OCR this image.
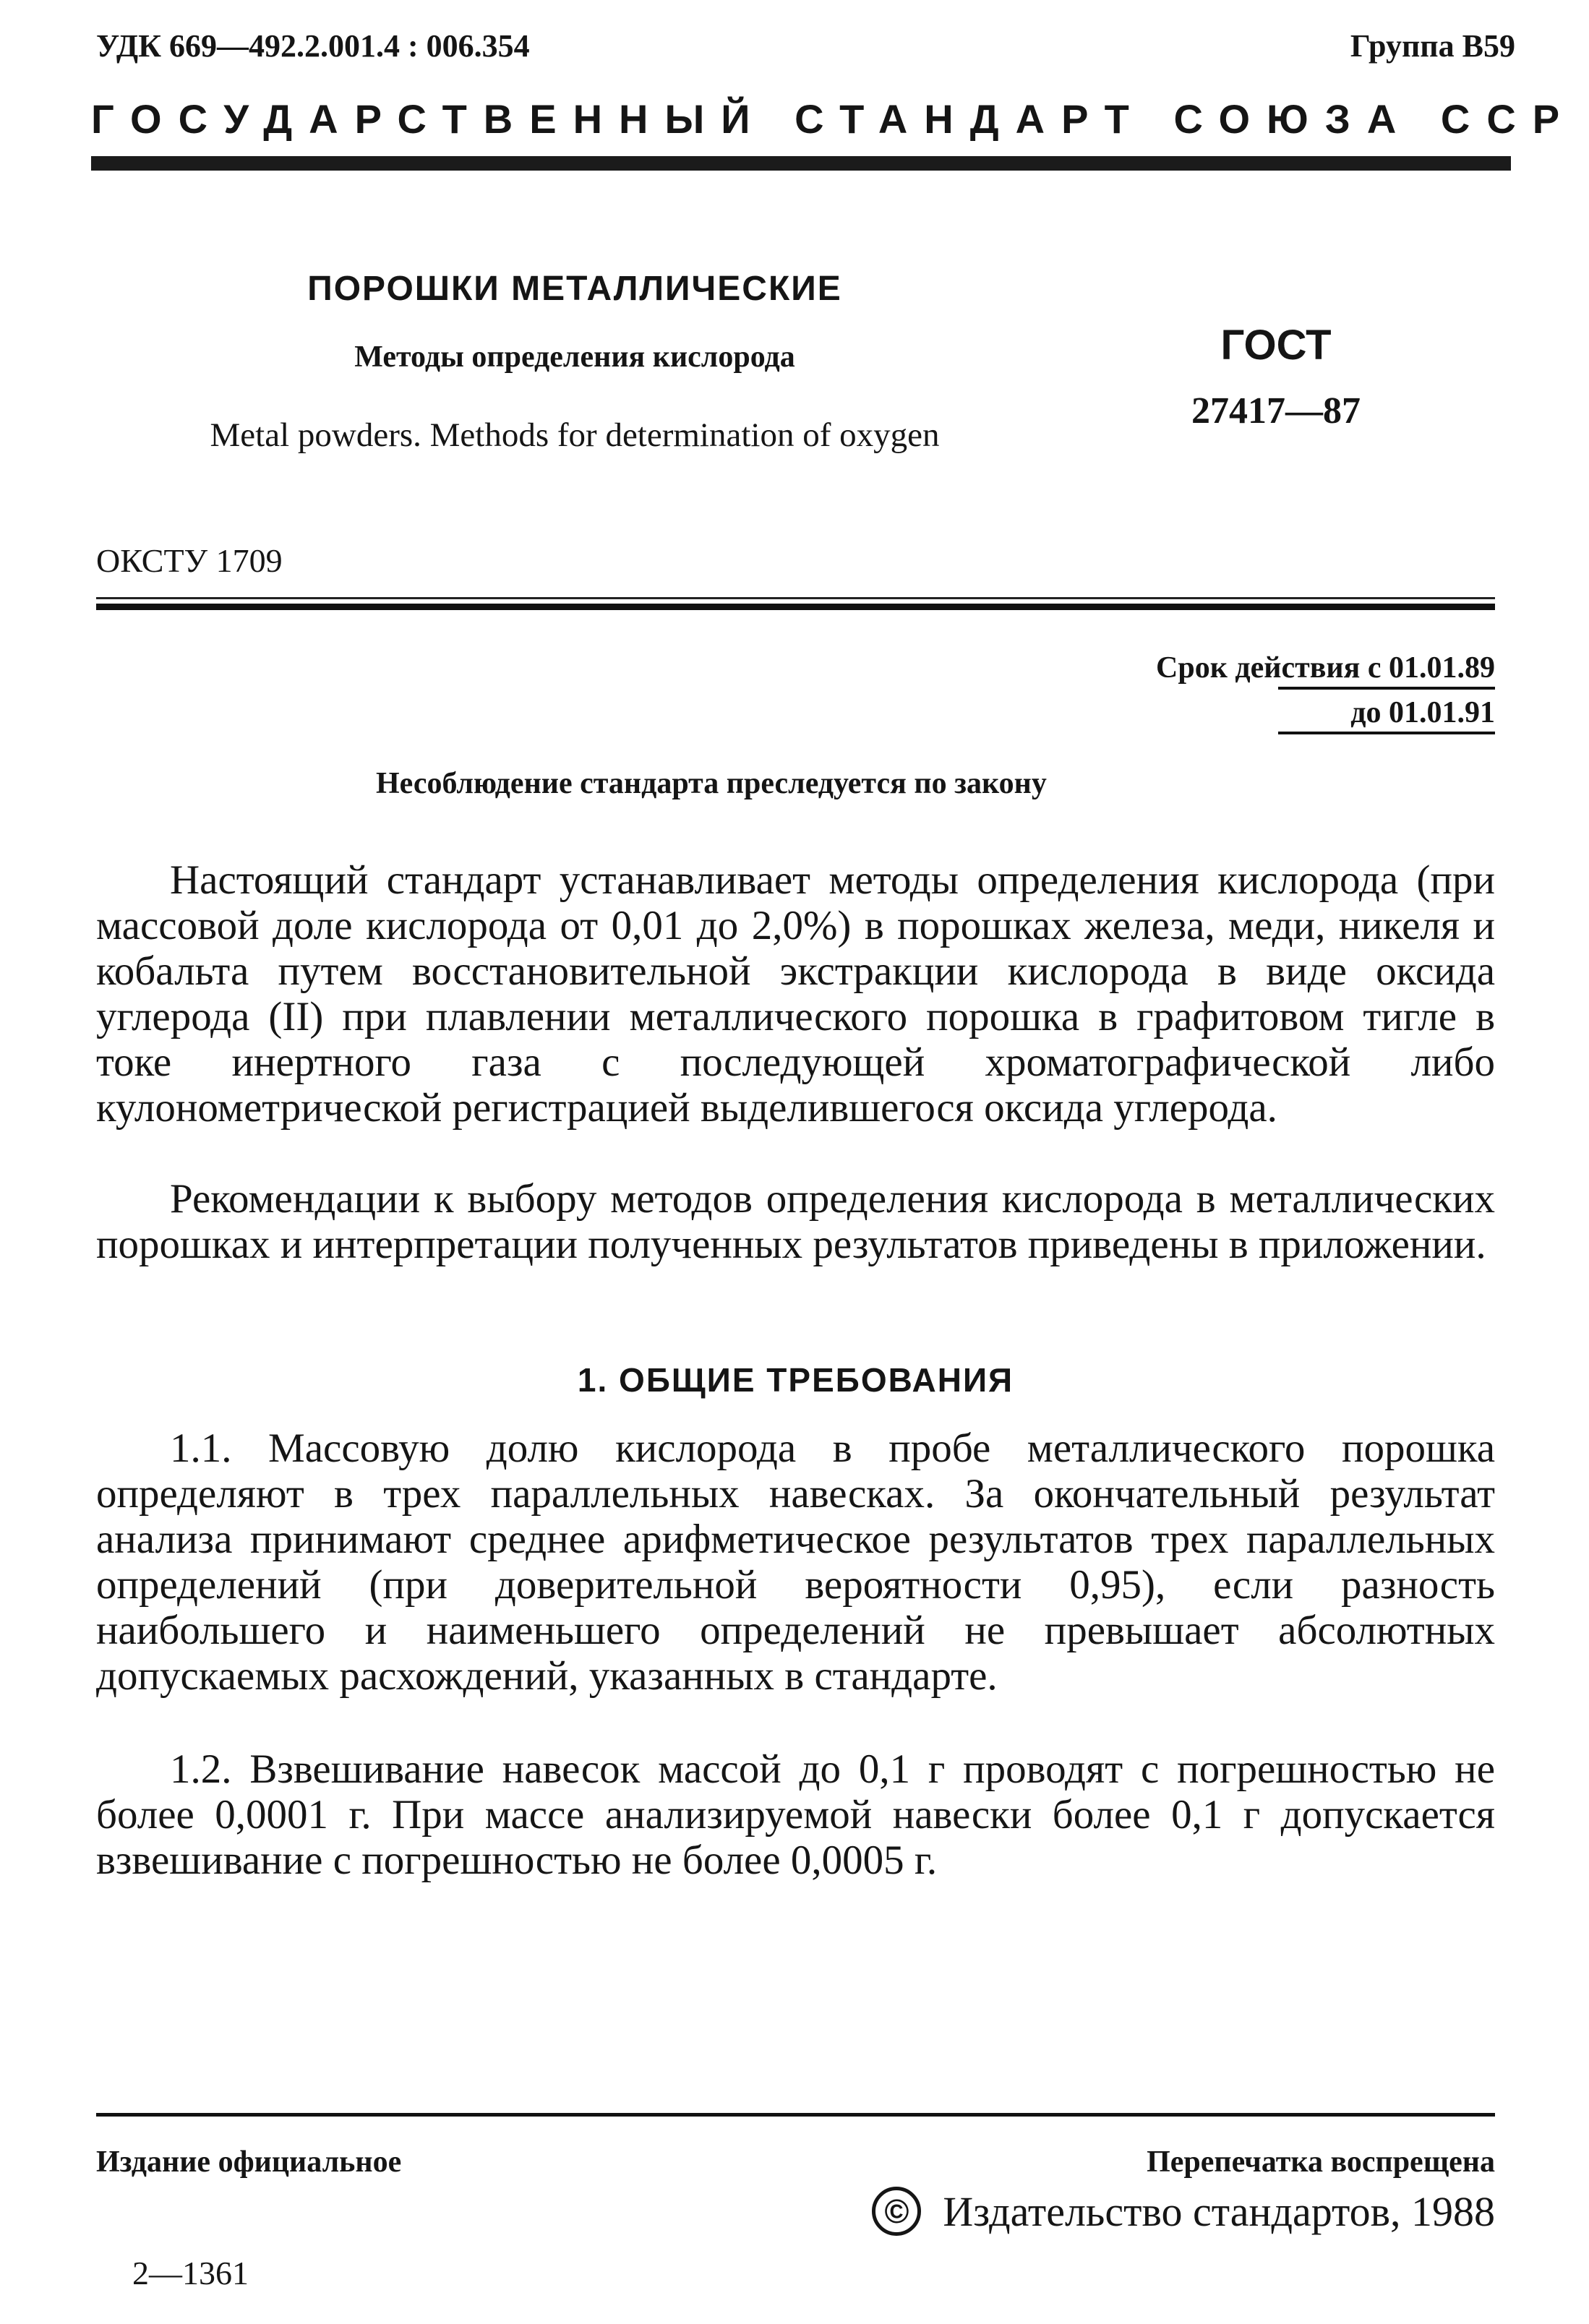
УДК 669—492.2.001.4 : 006.354	Группа В59
ГОСУДАРСТВЕННЫЙ СТАНДАРТ СОЮЗА ССР
ПОРОШКИ МЕТАЛЛИЧЕСКИЕ
Методы определения кислорода
Metal powders. Methods for determination of oxygen
ГОСТ
27417—87
ОКСТУ 1709
Срок действия с 01.01.89
до 01.01.91
Несоблюдение стандарта преследуется по закону
Настоящий стандарт устанавливает методы определения кислорода (при массовой доле кислорода от 0,01 до 2,0%) в порошках железа, меди, никеля и кобальта путем восстановительной экстракции кислорода в виде оксида углерода (II) при плавлении металлического порошка в графитовом тигле в токе инертного газа с последующей хроматографической либо кулонометрической регистрацией выделившегося оксида углерода.
Рекомендации к выбору методов определения кислорода в металлических порошках и интерпретации полученных результатов приведены в приложении.
1. ОБЩИЕ ТРЕБОВАНИЯ
1.1. Массовую долю кислорода в пробе металлического порошка определяют в трех параллельных навесках. За окончательный результат анализа принимают среднее арифметическое результатов трех параллельных определений (при доверительной вероятности 0,95), если разность наибольшего и наименьшего определений не превышает абсолютных допускаемых расхождений, указанных в стандарте.
1.2. Взвешивание навесок массой до 0,1 г проводят с погрешностью не более 0,0001 г. При массе анализируемой навески более 0,1 г допускается взвешивание с погрешностью не более 0,0005 г.
Издание официальное	Перепечатка воспрещена
© Издательство стандартов, 1988
2—1361
